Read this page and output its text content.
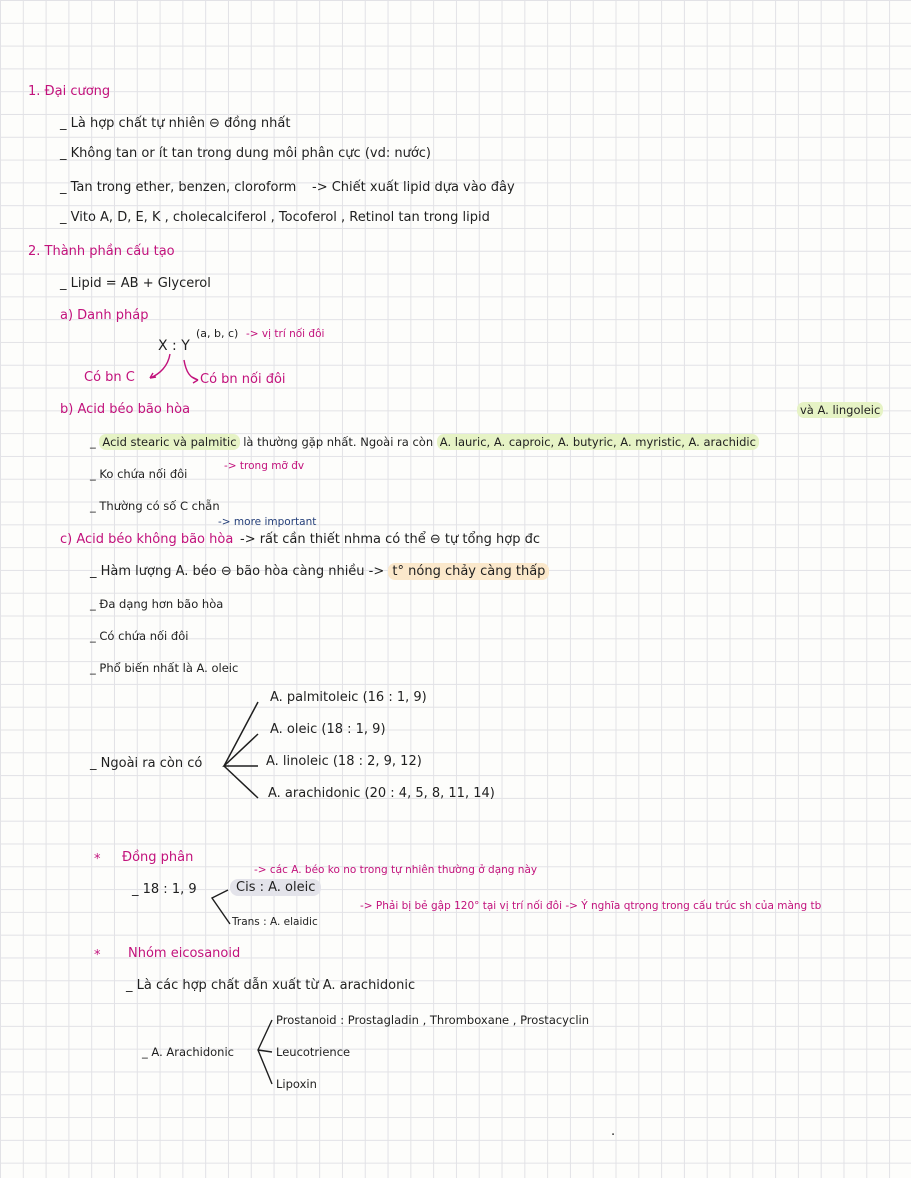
1. Đại cương
_ Là hợp chất tự nhiên ⊖ đồng nhất
_ Không tan or ít tan trong dung môi phân cực (vd: nước)
_ Tan trong ether, benzen, cloroform -> Chiết xuất lipid dựa vào đây
_ Vito A, D, E, K , cholecalciferol , Tocoferol , Retinol tan trong lipid
2. Thành phần cấu tạo
_ Lipid = AB + Glycerol
a) Danh pháp
X : Y
(a, b, c) -> vị trí nối đôi
Có bn C	Có bn nối đôi
b) Acid béo bão hòa	và A. lingoleic
_ Acid stearic và palmitic là thường gặp nhất. Ngoài ra còn A. lauric, A. caproic, A. butyric, A. myristic, A. arachidic
_ Ko chứa nối đôi
-> trong mỡ đv
_ Thường có số C chẵn
-> more important
c) Acid béo không bão hòa -> rất cần thiết nhma có thể ⊖ tự tổng hợp đc
_ Hàm lượng A. béo ⊖ bão hòa càng nhiều -> t° nóng chảy càng thấp
_ Đa dạng hơn bão hòa
_ Có chứa nối đôi
_ Phổ biến nhất là A. oleic
A. palmitoleic (16 : 1, 9)
A. oleic (18 : 1, 9)
_ Ngoài ra còn có	A. linoleic (18 : 2, 9, 12)
A. arachidonic (20 : 4, 5, 8, 11, 14)
* Đồng phân
-> các A. béo ko no trong tự nhiên thường ở dạng này
_ 18 : 1, 9	Cis : A. oleic
Trans : A. elaidic
-> Phải bị bẻ gập 120° tại vị trí nối đôi -> Ý nghĩa qtrọng trong cấu trúc sh của màng tb
* Nhóm eicosanoid
_ Là các hợp chất dẫn xuất từ A. arachidonic
Prostanoid : Prostagladin , Thromboxane , Prostacyclin
_ A. Arachidonic	Leucotrience
Lipoxin
·
